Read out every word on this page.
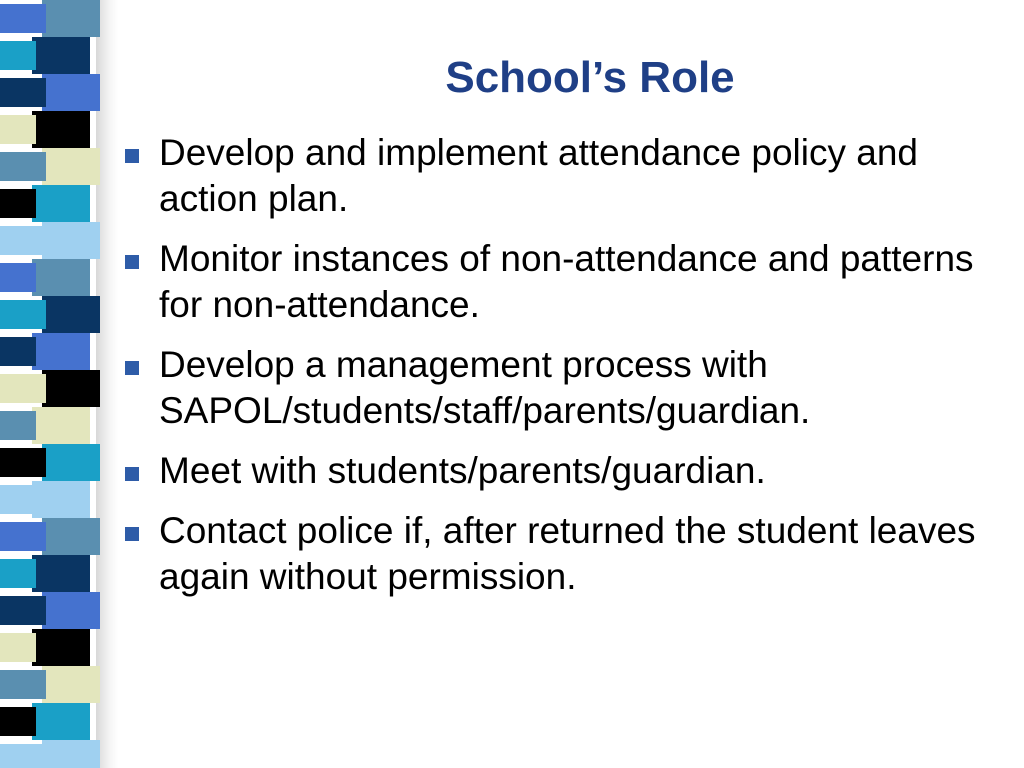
School’s Role
Develop and implement attendance policy and action plan.
Monitor instances of non-attendance and patterns for non-attendance.
Develop a management process with SAPOL/students/staff/parents/guardian.
Meet with students/parents/guardian.
Contact police if, after returned the student leaves again without permission.
